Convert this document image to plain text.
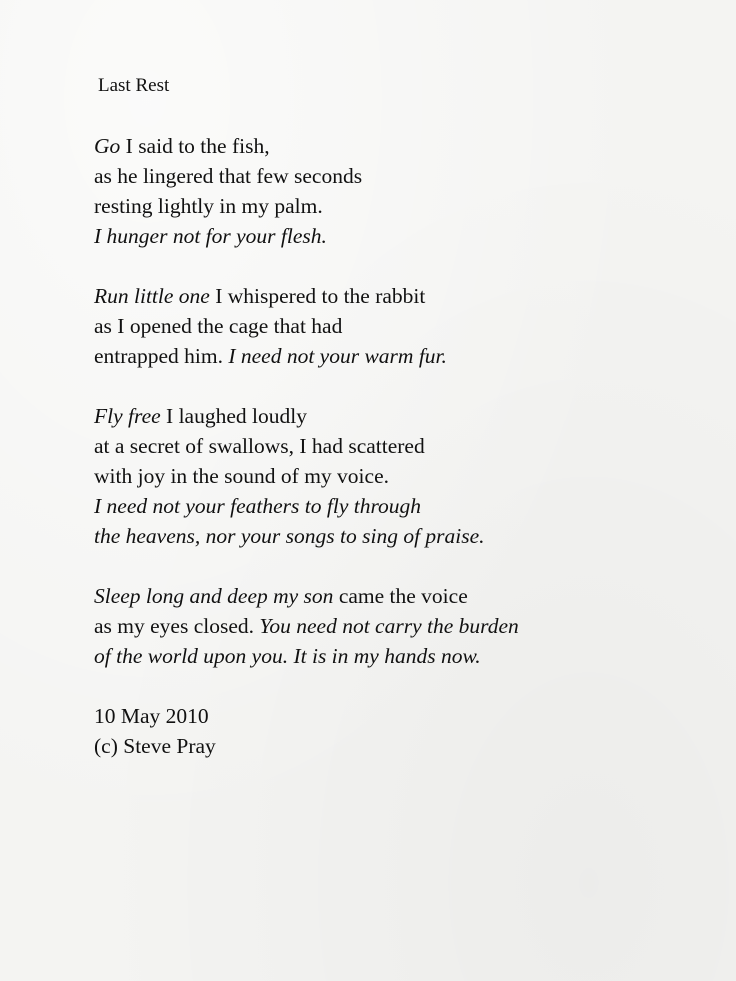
Last Rest
Go I said to the fish,
as he lingered that few seconds
resting lightly in my palm.
I hunger not for your flesh.
Run little one I whispered to the rabbit
as I opened the cage that had
entrapped him. I need not your warm fur.
Fly free I laughed loudly
at a secret of swallows, I had scattered
with joy in the sound of my voice.
I need not your feathers to fly through
the heavens, nor your songs to sing of praise.
Sleep long and deep my son came the voice
as my eyes closed. You need not carry the burden
of the world upon you. It is in my hands now.
10 May 2010
(c) Steve Pray
